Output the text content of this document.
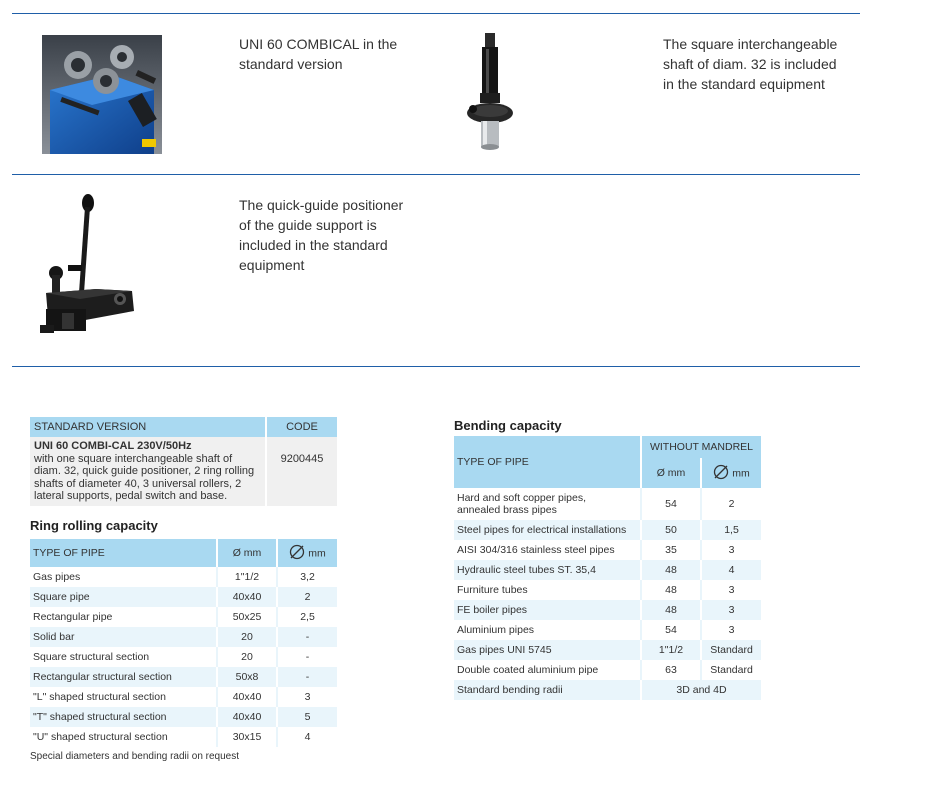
UNI 60 COMBICAL in the standard version
The square interchangeable shaft of diam. 32 is included in the standard equipment
The quick-guide positioner of the guide support is included in the standard equipment
STANDARD VERSION	CODE

UNI 60 COMBI-CAL 230V/50Hz
with one square interchangeable shaft of diam. 32, quick guide positioner, 2 ring rolling shafts of diameter 40, 3 universal rollers, 2 lateral supports, pedal switch and base.	9200445
Ring rolling capacity
TYPE OF PIPE	Ø mm	mm
Gas pipes	1"1/2	3,2
Square pipe	40x40	2
Rectangular pipe	50x25	2,5
Solid bar	20	-
Square structural section	20	-
Rectangular structural section	50x8	-
"L" shaped structural section	40x40	3
"T" shaped structural section	40x40	5
"U" shaped structural section	30x15	4
Special diameters and bending radii on request
Bending capacity
TYPE OF PIPE	WITHOUT MANDREL	
	Ø mm	mm

Hard and soft copper pipes,
annealed brass pipes	54	2
Steel pipes for electrical installations	50	1,5
AISI 304/316 stainless steel pipes	35	3
Hydraulic steel tubes ST. 35,4	48	4
Furniture tubes	48	3
FE boiler pipes	48	3
Aluminium pipes	54	3
Gas pipes UNI 5745	1"1/2	Standard
Double coated aluminium pipe	63	Standard
Standard bending radii	3D and 4D	
